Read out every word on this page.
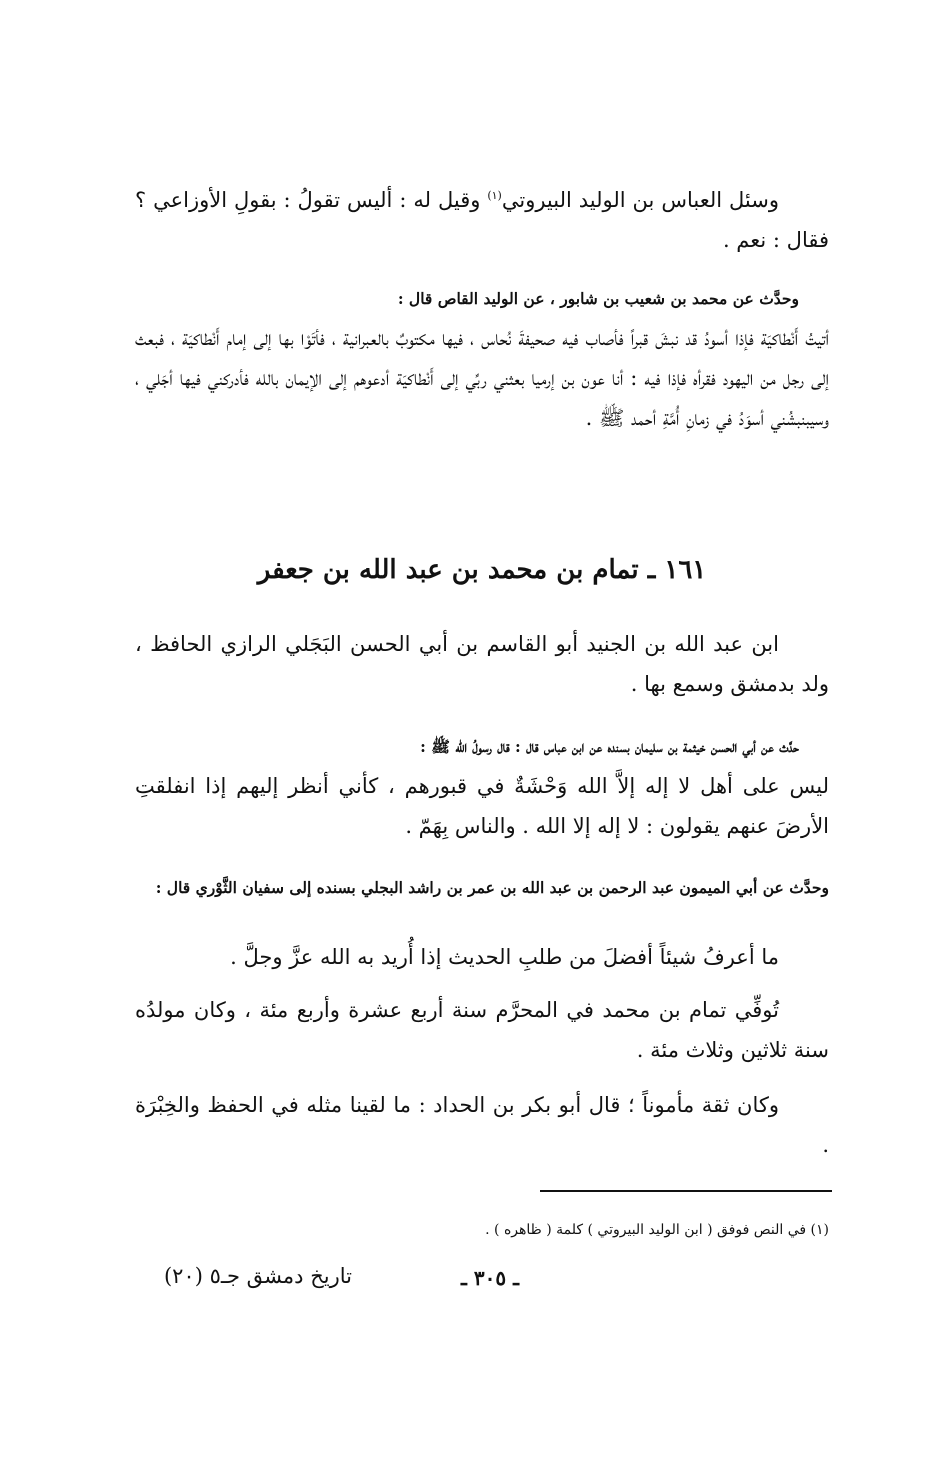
وسئل العباس بن الوليد البيروتي$^{(١)}$ وقيل له : أليس تقولُ : بقولِ الأوزاعي ؟ فقال : نعم .
وحدَّث عن محمد بن شعيب بن شابور ، عن الوليد القاص قال :
أتيتُ أَنْطاكيَة فإذا أسودُ قد نبشَ قبراً فأصاب فيه صحيفةَ نُحاس ، فيها مكتوبٌ بالعبرانية ، فأتَوْا بها إلى إمام أَنْطاكيَة ، فبعث إلى رجل من اليهود فقرأه فإذا فيه : أنا عون بن إرميا بعثني ربِّي إلى أَنْطاكيَة أدعوهم إلى الإيمان بالله فأدركني فيها أجَلي ، وسيبنبشُني أسوَدُ في زمانِ أُمَّةِ أحمد ﷺ .
١٦١ ـ تمام بن محمد بن عبد الله بن جعفر
ابن عبد الله بن الجنيد أبو القاسم بن أبي الحسن البَجَلي الرازي الحافظ ، ولد بدمشق وسمع بها .
حدَّث عن أبي الحسن خيثمة بن سليمان بسنده عن ابن عباس قال : قال رسولُ الله ﷺ :
ليس على أهل لا إله إلاَّ الله وَحْشَةٌ في قبورهم ، كأني أنظر إليهم إذا انفلقتِ الأرضَ عنهم يقولون : لا إله إلا الله . والناس بِهَمّ .
وحدَّث عن أبي الميمون عبد الرحمن بن عبد الله بن عمر بن راشد البجلي بسنده إلى سفيان الثَّوْري قال :
ما أعرفُ شيئاً أفضلَ من طلبِ الحديث إذا أُريد به الله عزَّ وجلَّ .
تُوفِّي تمام بن محمد في المحرَّم سنة أربع عشرة وأربع مئة ، وكان مولدُه سنة ثلاثين وثلاث مئة .
وكان ثقة مأموناً ؛ قال أبو بكر بن الحداد : ما لقينا مثله في الحفظ والخِبْرَة .
(١) في النص فوفق ( ابن الوليد البيروتي ) كلمة ( ظاهره ) .
ـ ٣٠٥ ـ
تاريخ دمشق جـ٥ (٢٠)
